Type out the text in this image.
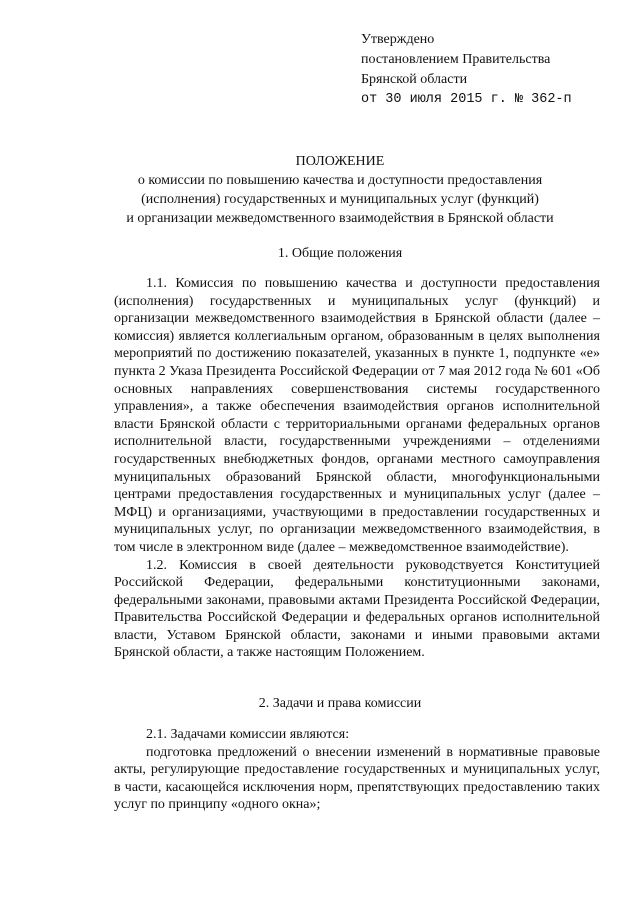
Утверждено
постановлением Правительства
Брянской области
от 30 июля 2015 г. № 362-п
ПОЛОЖЕНИЕ
о комиссии по повышению качества и доступности предоставления
(исполнения) государственных и муниципальных услуг (функций)
и организации межведомственного взаимодействия в Брянской области
1. Общие положения

1.1. Комиссия по повышению качества и доступности предоставления (исполнения) государственных и муниципальных услуг (функций) и организации межведомственного взаимодействия в Брянской области (далее – комиссия) является коллегиальным органом, образованным в целях выполнения мероприятий по достижению показателей, указанных в пункте 1, подпункте «е» пункта 2 Указа Президента Российской Федерации от 7 мая 2012 года № 601 «Об основных направлениях совершенствования системы государственного управления», а также обеспечения взаимодействия органов исполнительной власти Брянской области с территориальными органами федеральных органов исполнительной власти, государственными учреждениями – отделениями государственных внебюджетных фондов, органами местного самоуправления муниципальных образований Брянской области, многофункциональными центрами предоставления государственных и муниципальных услуг (далее – МФЦ) и организациями, участвующими в предоставлении государственных и муниципальных услуг, по организации межведомственного взаимодействия, в том числе в электронном виде (далее – межведомственное взаимодействие).

1.2. Комиссия в своей деятельности руководствуется Конституцией Российской Федерации, федеральными конституционными законами, федеральными законами, правовыми актами Президента Российской Федерации, Правительства Российской Федерации и федеральных органов исполнительной власти, Уставом Брянской области, законами и иными правовыми актами Брянской области, а также настоящим Положением.

2. Задачи и права комиссии

2.1. Задачами комиссии являются:

подготовка предложений о внесении изменений в нормативные правовые акты, регулирующие предоставление государственных и муниципальных услуг, в части, касающейся исключения норм, препятствующих предоставлению таких услуг по принципу «одного окна»;
